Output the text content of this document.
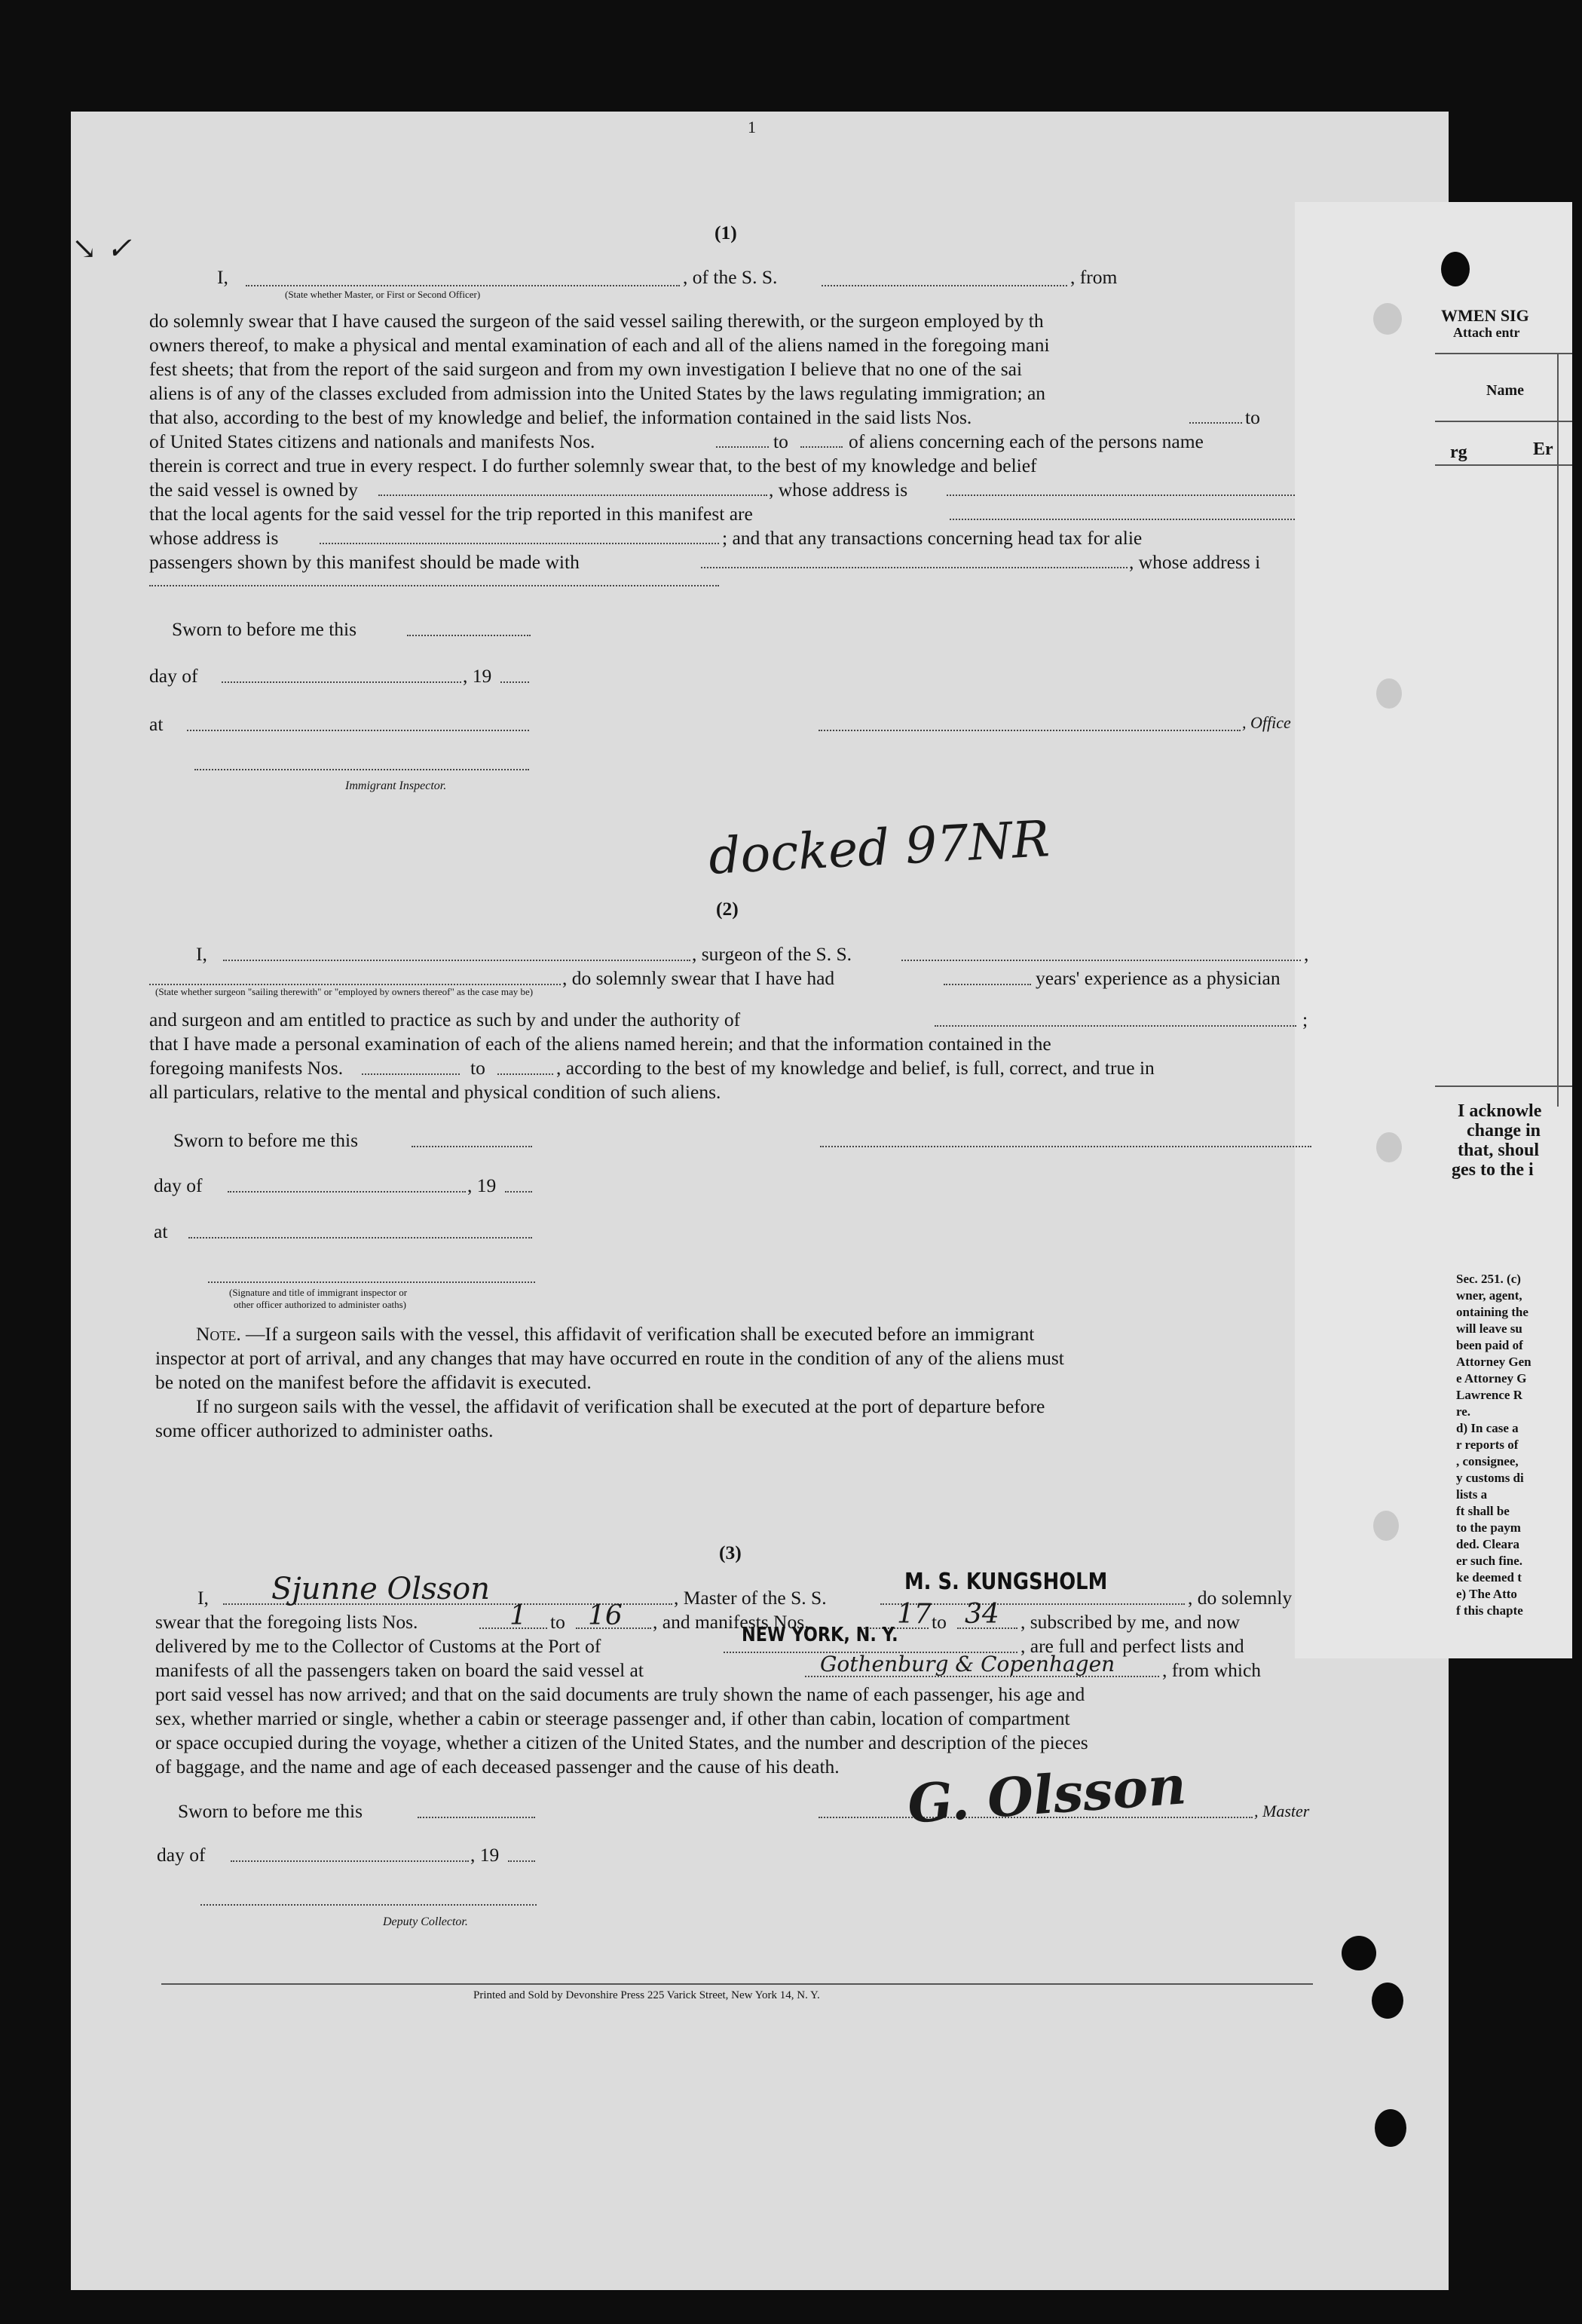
1
(1)
↘ ✓
I,	, of the S. S.	, from
(State whether Master, or First or Second Officer)
do solemnly swear that I have caused the surgeon of the said vessel sailing therewith, or the surgeon employed by th
owners thereof, to make a physical and mental examination of each and all of the aliens named in the foregoing mani
fest sheets; that from the report of the said surgeon and from my own investigation I believe that no one of the sai
aliens is of any of the classes excluded from admission into the United States by the laws regulating immigration; an
that also, according to the best of my knowledge and belief, the information contained in the said lists Nos.	to
of United States citizens and nationals and manifests Nos.	to	of aliens concerning each of the persons name
therein is correct and true in every respect. I do further solemnly swear that, to the best of my knowledge and belief
the said vessel is owned by	, whose address is
that the local agents for the said vessel for the trip reported in this manifest are
whose address is	; and that any transactions concerning head tax for alie
passengers shown by this manifest should be made with	, whose address i
Sworn to before me this
day of	, 19
at	, Office
Immigrant Inspector.
docked 97NR
(2)
I,	, surgeon of the S. S.	,
, do solemnly swear that I have had	years' experience as a physician
(State whether surgeon "sailing therewith" or "employed by owners thereof" as the case may be)
and surgeon and am entitled to practice as such by and under the authority of	;
that I have made a personal examination of each of the aliens named herein; and that the information contained in the
foregoing manifests Nos.	to	, according to the best of my knowledge and belief, is full, correct, and true in
all particulars, relative to the mental and physical condition of such aliens.
Sworn to before me this
day of	, 19
at
(Signature and title of immigrant inspector or
other officer authorized to administer oaths)
Note. —If a surgeon sails with the vessel, this affidavit of verification shall be executed before an immigrant
inspector at port of arrival, and any changes that may have occurred en route in the condition of any of the aliens must
be noted on the manifest before the affidavit is executed.
If no surgeon sails with the vessel, the affidavit of verification shall be executed at the port of departure before
some officer authorized to administer oaths.
(3)
I, Sjunne Olsson	, Master of the S. S.
M. S. KUNGSHOLM
, do solemnly
swear that the foregoing lists Nos.	1 to 16 , and manifests Nos.	17 to 34 , subscribed by me, and now
delivered by me to the Collector of Customs at the Port of	NEW YORK, N. Y.	, are full and perfect lists and
manifests of all the passengers taken on board the said vessel at	Gothenburg & Copenhagen , from which
port said vessel has now arrived; and that on the said documents are truly shown the name of each passenger, his age and
sex, whether married or single, whether a cabin or steerage passenger and, if other than cabin, location of compartment
or space occupied during the voyage, whether a citizen of the United States, and the number and description of the pieces
of baggage, and the name and age of each deceased passenger and the cause of his death.
Sworn to before me this	G. Olsson	, Master
day of	, 19
Deputy Collector.
Printed and Sold by Devonshire Press 225 Varick Street, New York 14, N. Y.
WMEN SIG
Attach entr
Name
rg	Er
I acknowle
change in
that, shoul
ges to the i
Sec. 251. (c)
wner, agent,
ontaining the
will leave su
been paid of
Attorney Gen
e Attorney G
Lawrence R
re.
d) In case a
r reports of
, consignee,
y customs di
lists a
ft shall be
to the paym
ded. Cleara
er such fine.
ke deemed t
e) The Atto
f this chapte
